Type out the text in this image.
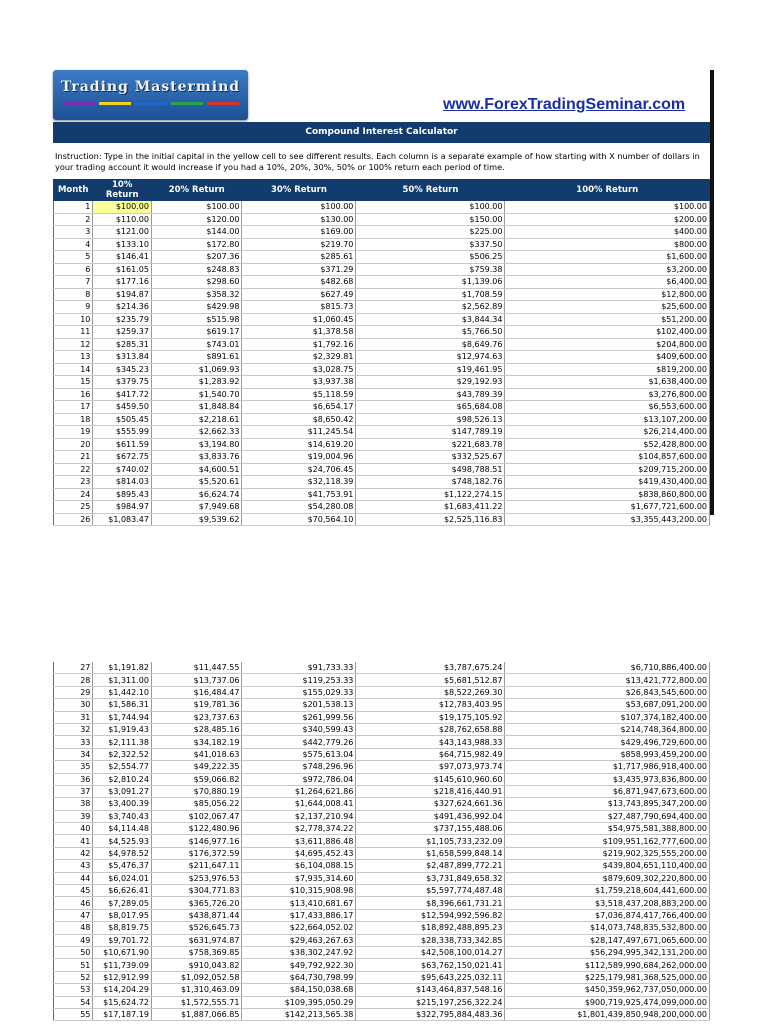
Trading Mastermind
www.ForexTradingSeminar.com
Compound Interest Calculator
Instruction: Type in the initial capital in the yellow cell to see different results. Each column is a separate example of how starting with X number of dollars in your trading account it would increase if you had a 10%, 20%, 30%, 50% or 100% return each period of time.
Month	10% Return	20% Return	30% Return	50% Return	100% Return
1	$100.00	$100.00	$100.00	$100.00	$100.00
2	$110.00	$120.00	$130.00	$150.00	$200.00
3	$121.00	$144.00	$169.00	$225.00	$400.00
4	$133.10	$172.80	$219.70	$337.50	$800.00
5	$146.41	$207.36	$285.61	$506.25	$1,600.00
6	$161.05	$248.83	$371.29	$759.38	$3,200.00
7	$177.16	$298.60	$482.68	$1,139.06	$6,400.00
8	$194.87	$358.32	$627.49	$1,708.59	$12,800.00
9	$214.36	$429.98	$815.73	$2,562.89	$25,600.00
10	$235.79	$515.98	$1,060.45	$3,844.34	$51,200.00
11	$259.37	$619.17	$1,378.58	$5,766.50	$102,400.00
12	$285.31	$743.01	$1,792.16	$8,649.76	$204,800.00
13	$313.84	$891.61	$2,329.81	$12,974.63	$409,600.00
14	$345.23	$1,069.93	$3,028.75	$19,461.95	$819,200.00
15	$379.75	$1,283.92	$3,937.38	$29,192.93	$1,638,400.00
16	$417.72	$1,540.70	$5,118.59	$43,789.39	$3,276,800.00
17	$459.50	$1,848.84	$6,654.17	$65,684.08	$6,553,600.00
18	$505.45	$2,218.61	$8,650.42	$98,526.13	$13,107,200.00
19	$555.99	$2,662.33	$11,245.54	$147,789.19	$26,214,400.00
20	$611.59	$3,194.80	$14,619.20	$221,683.78	$52,428,800.00
21	$672.75	$3,833.76	$19,004.96	$332,525.67	$104,857,600.00
22	$740.02	$4,600.51	$24,706.45	$498,788.51	$209,715,200.00
23	$814.03	$5,520.61	$32,118.39	$748,182.76	$419,430,400.00
24	$895.43	$6,624.74	$41,753.91	$1,122,274.15	$838,860,800.00
25	$984.97	$7,949.68	$54,280.08	$1,683,411.22	$1,677,721,600.00
26	$1,083.47	$9,539.62	$70,564.10	$2,525,116.83	$3,355,443,200.00
27	$1,191.82	$11,447.55	$91,733.33	$3,787,675.24	$6,710,886,400.00
28	$1,311.00	$13,737.06	$119,253.33	$5,681,512.87	$13,421,772,800.00
29	$1,442.10	$16,484.47	$155,029.33	$8,522,269.30	$26,843,545,600.00
30	$1,586.31	$19,781.36	$201,538.13	$12,783,403.95	$53,687,091,200.00
31	$1,744.94	$23,737.63	$261,999.56	$19,175,105.92	$107,374,182,400.00
32	$1,919.43	$28,485.16	$340,599.43	$28,762,658.88	$214,748,364,800.00
33	$2,111.38	$34,182.19	$442,779.26	$43,143,988.33	$429,496,729,600.00
34	$2,322.52	$41,018.63	$575,613.04	$64,715,982.49	$858,993,459,200.00
35	$2,554.77	$49,222.35	$748,296.96	$97,073,973.74	$1,717,986,918,400.00
36	$2,810.24	$59,066.82	$972,786.04	$145,610,960.60	$3,435,973,836,800.00
37	$3,091.27	$70,880.19	$1,264,621.86	$218,416,440.91	$6,871,947,673,600.00
38	$3,400.39	$85,056.22	$1,644,008.41	$327,624,661.36	$13,743,895,347,200.00
39	$3,740.43	$102,067.47	$2,137,210.94	$491,436,992.04	$27,487,790,694,400.00
40	$4,114.48	$122,480.96	$2,778,374.22	$737,155,488.06	$54,975,581,388,800.00
41	$4,525.93	$146,977.16	$3,611,886.48	$1,105,733,232.09	$109,951,162,777,600.00
42	$4,978.52	$176,372.59	$4,695,452.43	$1,658,599,848.14	$219,902,325,555,200.00
43	$5,476.37	$211,647.11	$6,104,088.15	$2,487,899,772.21	$439,804,651,110,400.00
44	$6,024.01	$253,976.53	$7,935,314.60	$3,731,849,658.32	$879,609,302,220,800.00
45	$6,626.41	$304,771.83	$10,315,908.98	$5,597,774,487.48	$1,759,218,604,441,600.00
46	$7,289.05	$365,726.20	$13,410,681.67	$8,396,661,731.21	$3,518,437,208,883,200.00
47	$8,017.95	$438,871.44	$17,433,886.17	$12,594,992,596.82	$7,036,874,417,766,400.00
48	$8,819.75	$526,645.73	$22,664,052.02	$18,892,488,895.23	$14,073,748,835,532,800.00
49	$9,701.72	$631,974.87	$29,463,267.63	$28,338,733,342.85	$28,147,497,671,065,600.00
50	$10,671.90	$758,369.85	$38,302,247.92	$42,508,100,014.27	$56,294,995,342,131,200.00
51	$11,739.09	$910,043.82	$49,792,922.30	$63,762,150,021.41	$112,589,990,684,262,000.00
52	$12,912.99	$1,092,052.58	$64,730,798.99	$95,643,225,032.11	$225,179,981,368,525,000.00
53	$14,204.29	$1,310,463.09	$84,150,038.68	$143,464,837,548.16	$450,359,962,737,050,000.00
54	$15,624.72	$1,572,555.71	$109,395,050.29	$215,197,256,322.24	$900,719,925,474,099,000.00
55	$17,187.19	$1,887,066.85	$142,213,565.38	$322,795,884,483.36	$1,801,439,850,948,200,000.00
